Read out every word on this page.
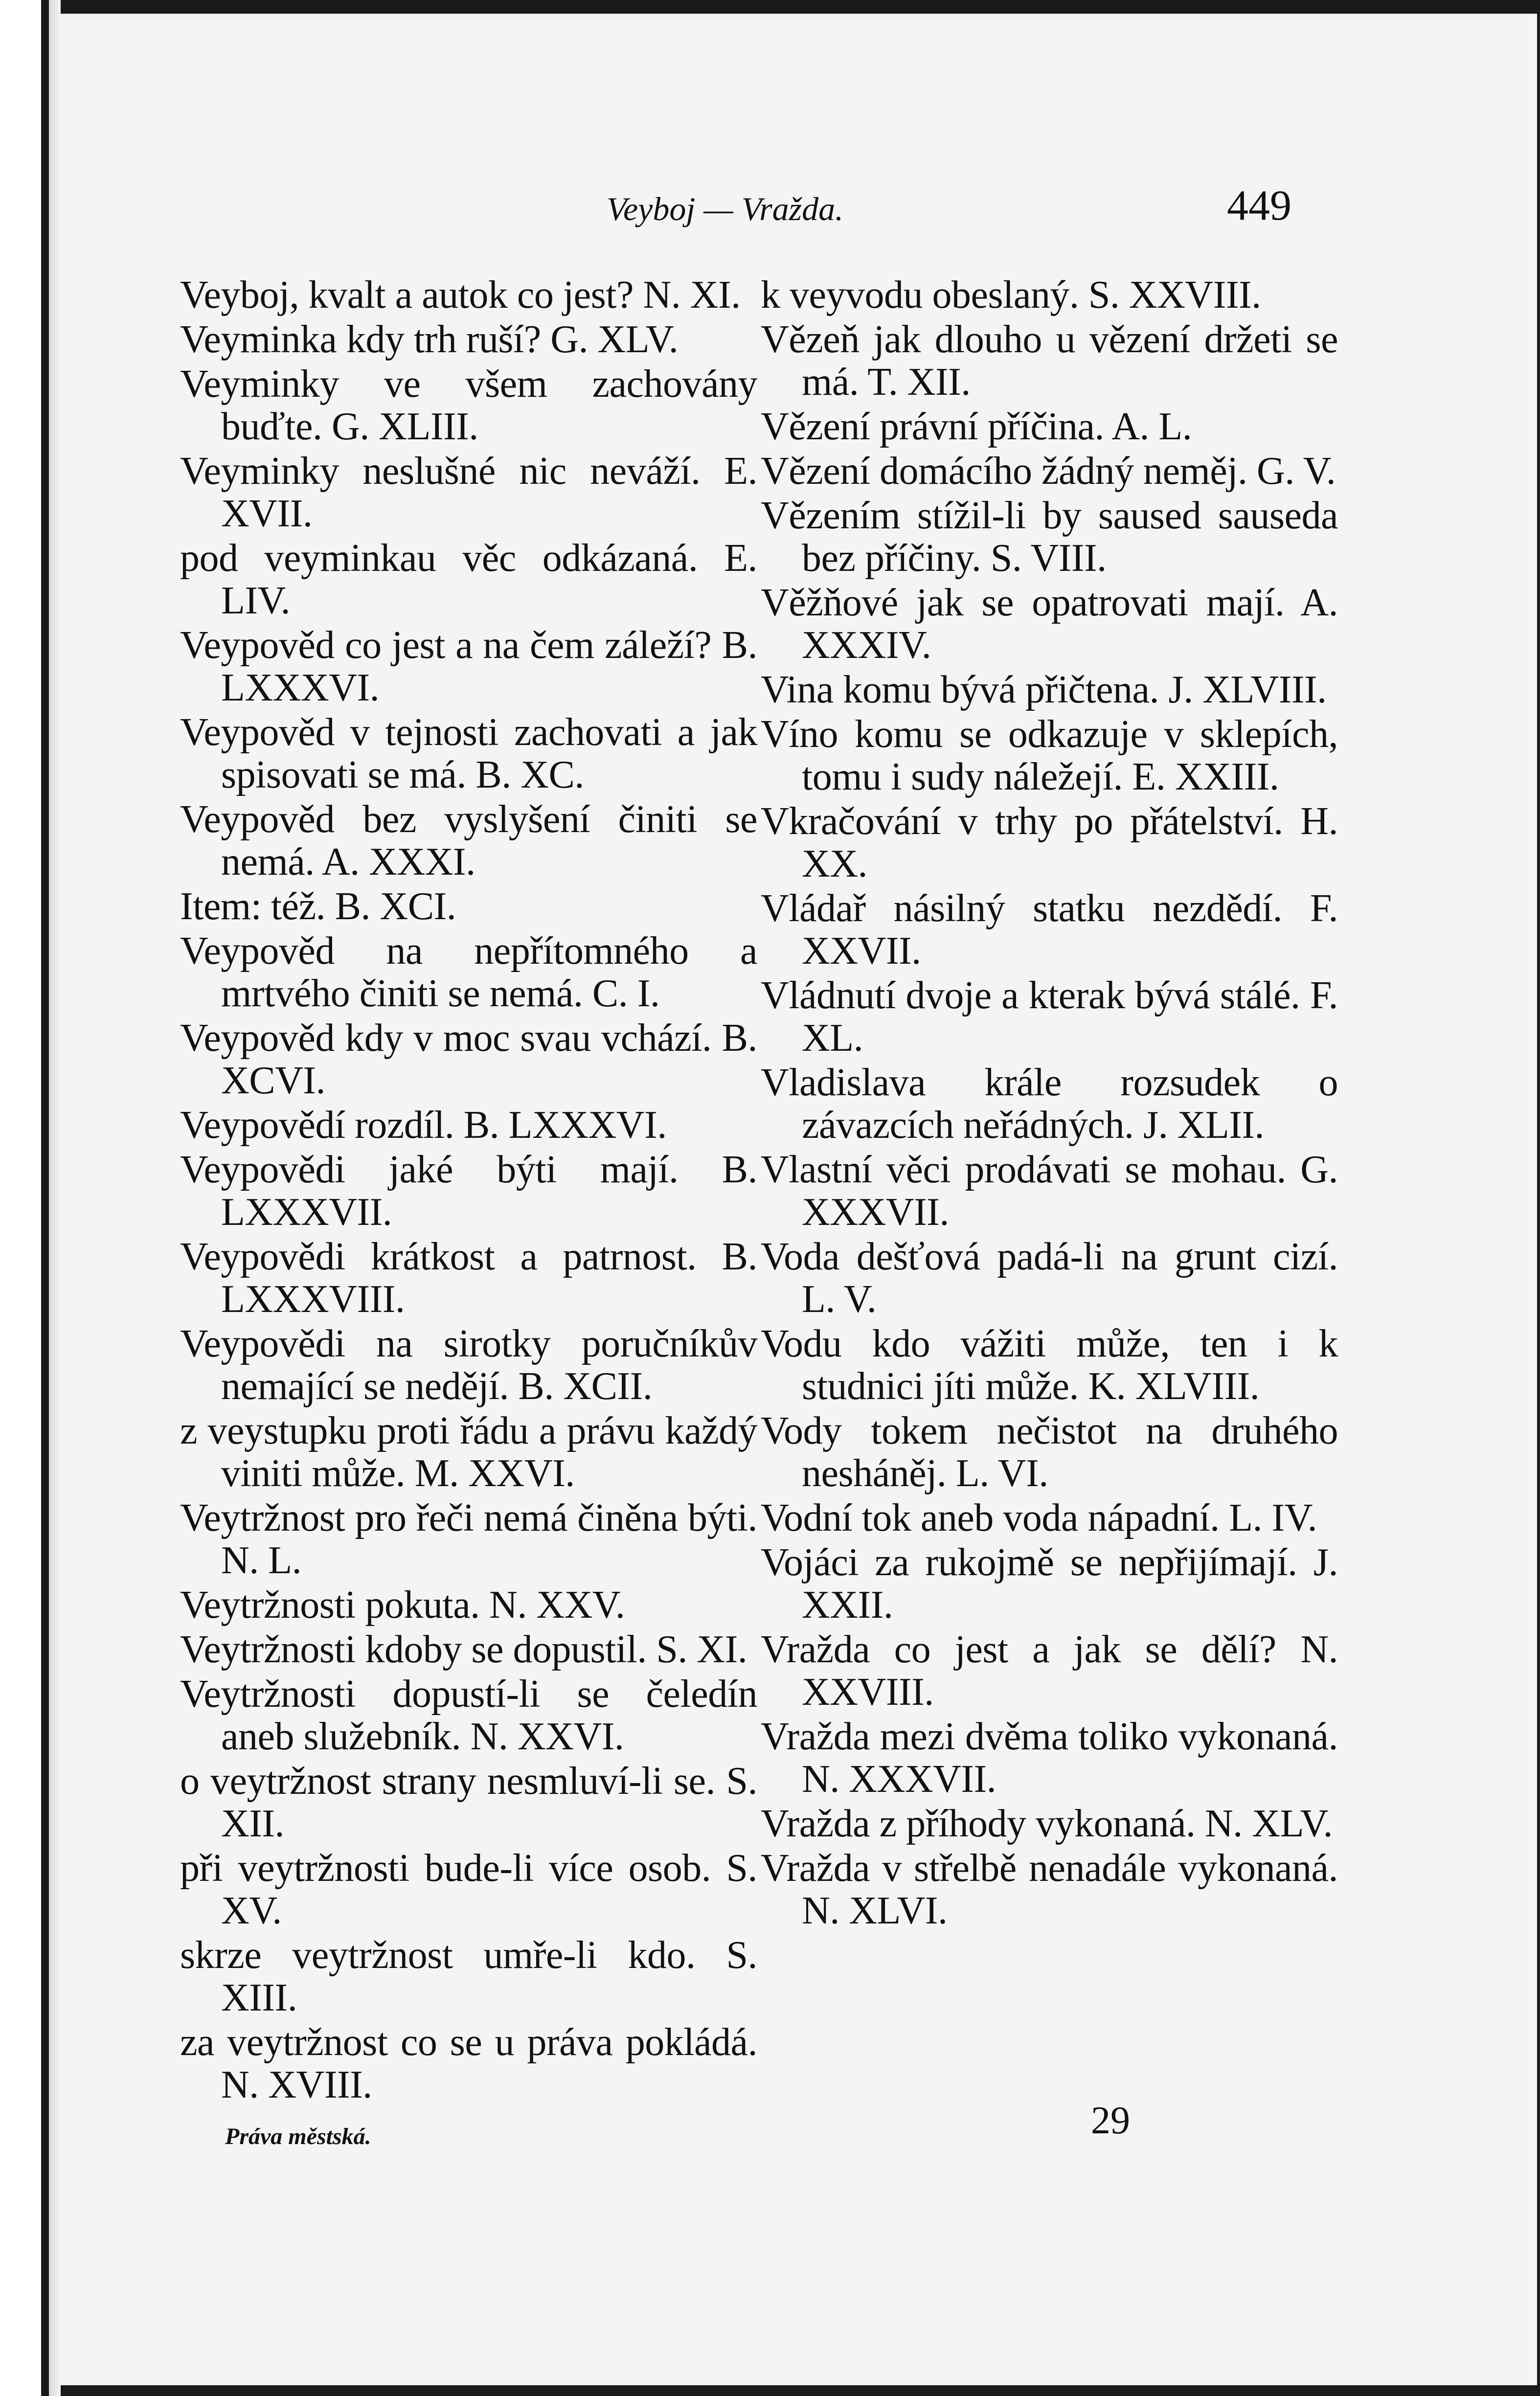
Veyboj — Vražda.	449

Veyboj, kvalt a autok co jest? N. XI.

Veyminka kdy trh ruší? G. XLV.

Veyminky ve všem zachovány buďte. G. XLIII.

Veyminky neslušné nic neváží. E. XVII.

pod veyminkau věc odkázaná. E. LIV.

Veypověd co jest a na čem záleží? B. LXXXVI.

Veypověd v tejnosti zachovati a jak spisovati se má. B. XC.

Veypověd bez vyslyšení činiti se nemá. A. XXXI.

Item: též. B. XCI.

Veypověd na nepřítomného a mrtvého činiti se nemá. C. I.

Veypověd kdy v moc svau vchází. B. XCVI.

Veypovědí rozdíl. B. LXXXVI.

Veypovědi jaké býti mají. B. LXXXVII.

Veypovědi krátkost a patrnost. B. LXXXVIII.

Veypovědi na sirotky poručníkův nemající se nedějí. B. XCII.

z veystupku proti řádu a právu každý viniti může. M. XXVI.

Veytržnost pro řeči nemá činěna býti. N. L.

Veytržnosti pokuta. N. XXV.

Veytržnosti kdoby se dopustil. S. XI.

Veytržnosti dopustí-li se čeledín aneb služebník. N. XXVI.

o veytržnost strany nesmluví-li se. S. XII.

při veytržnosti bude-li více osob. S. XV.

skrze veytržnost umře-li kdo. S. XIII.

za veytržnost co se u práva pokládá. N. XVIII.

k veyvodu obeslaný. S. XXVIII.

Vězeň jak dlouho u vězení držeti se má. T. XII.

Vězení právní příčina. A. L.

Vězení domácího žádný neměj. G. V.

Vězením stížil-li by saused sauseda bez příčiny. S. VIII.

Věžňové jak se opatrovati mají. A. XXXIV.

Vina komu bývá přičtena. J. XLVIII.

Víno komu se odkazuje v sklepích, tomu i sudy náležejí. E. XXIII.

Vkračování v trhy po přátelství. H. XX.

Vládař násilný statku nezdědí. F. XXVII.

Vládnutí dvoje a kterak bývá stálé. F. XL.

Vladislava krále rozsudek o závazcích neřádných. J. XLII.

Vlastní věci prodávati se mohau. G. XXXVII.

Voda dešťová padá-li na grunt cizí. L. V.

Vodu kdo vážiti může, ten i k studnici jíti může. K. XLVIII.

Vody tokem nečistot na druhého nesháněj. L. VI.

Vodní tok aneb voda nápadní. L. IV.

Vojáci za rukojmě se nepřijímají. J. XXII.

Vražda co jest a jak se dělí? N. XXVIII.

Vražda mezi dvěma toliko vykonaná. N. XXXVII.

Vražda z příhody vykonaná. N. XLV.

Vražda v střelbě nenadále vykonaná. N. XLVI.

Práva městská.	29
